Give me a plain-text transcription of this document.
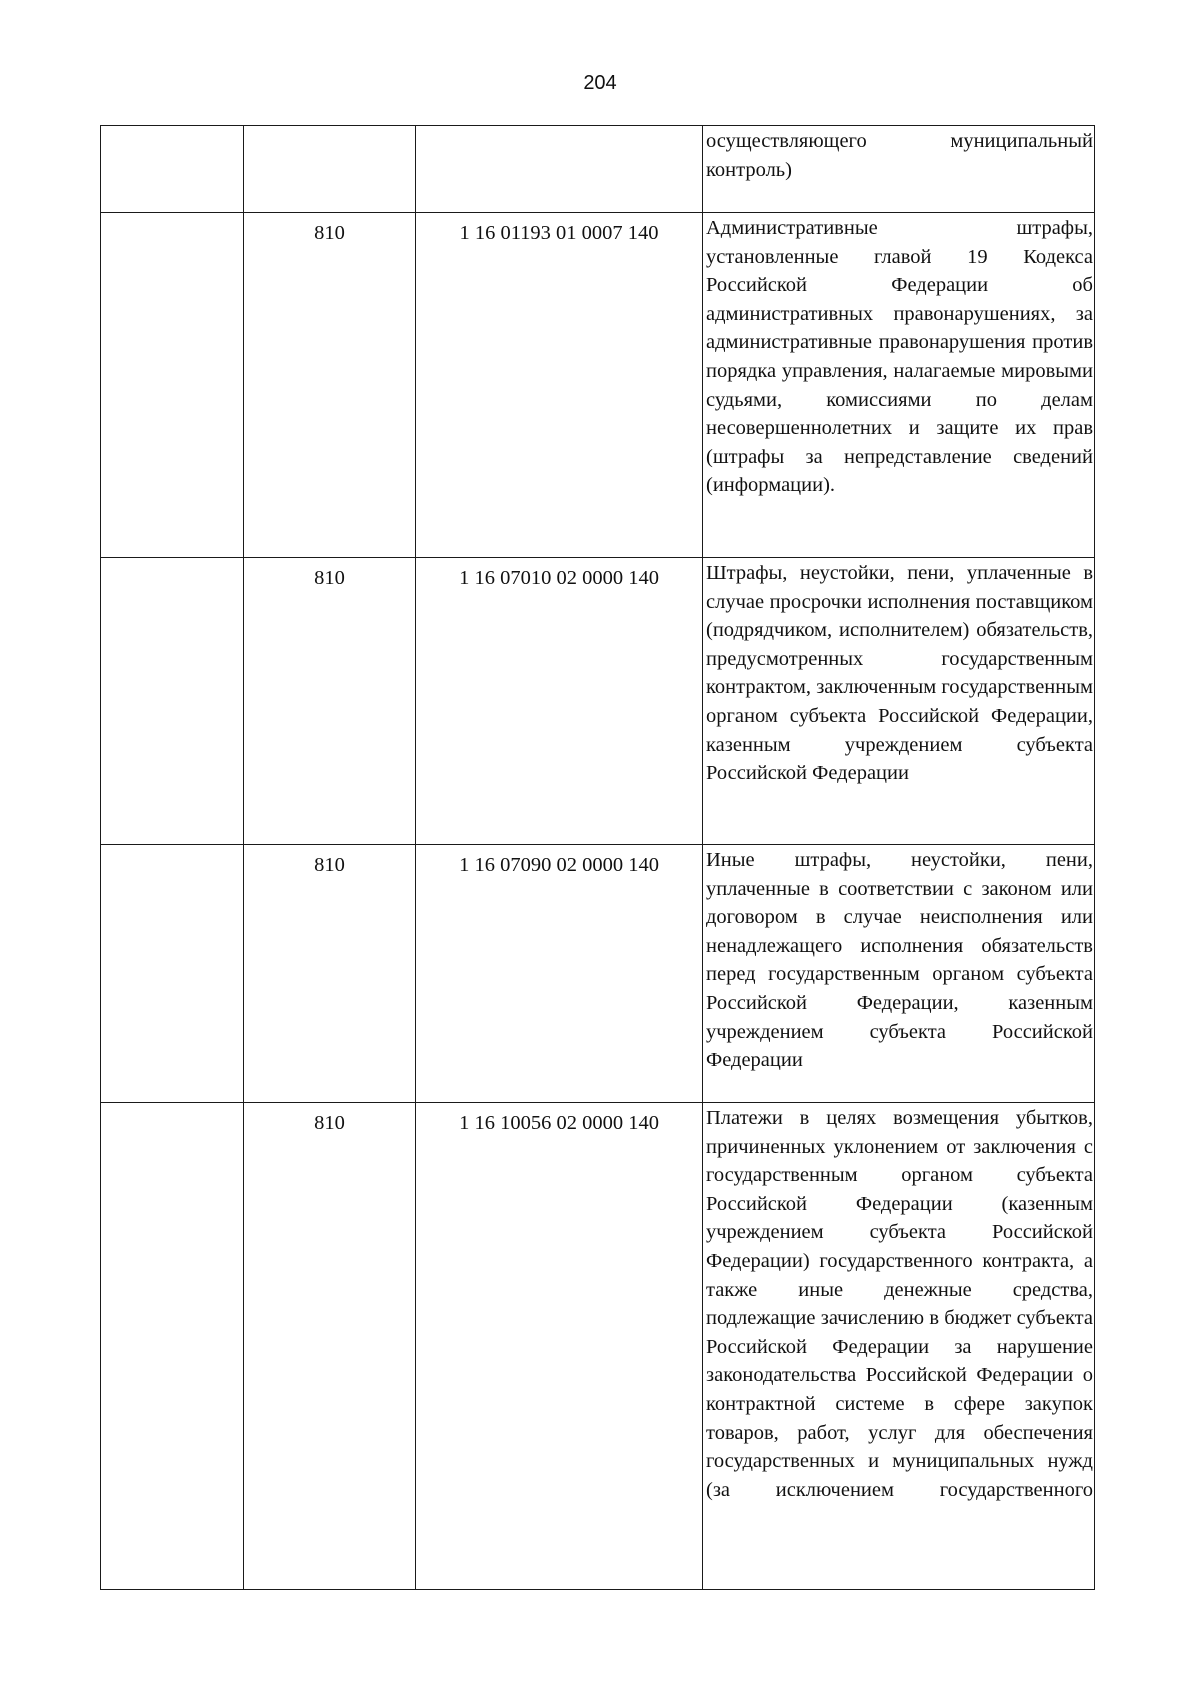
204

			осуществляющего муниципальный контроль)

	810	1 16 01193 01 0007 140	Административные штрафы, установленные главой 19 Кодекса Российской Федерации об административных правонарушениях, за административные правонарушения против порядка управления, налагаемые мировыми судьями, комиссиями по делам несовершеннолетних и защите их прав (штрафы за непредставление сведений (информации).

	810	1 16 07010 02 0000 140	Штрафы, неустойки, пени, уплаченные в случае просрочки исполнения поставщиком (подрядчиком, исполнителем) обязательств, предусмотренных государственным контрактом, заключенным государственным органом субъекта Российской Федерации, казенным учреждением субъекта Российской Федерации

	810	1 16 07090 02 0000 140	Иные штрафы, неустойки, пени, уплаченные в соответствии с законом или договором в случае неисполнения или ненадлежащего исполнения обязательств перед государственным органом субъекта Российской Федерации, казенным учреждением субъекта Российской Федерации

	810	1 16 10056 02 0000 140	Платежи в целях возмещения убытков, причиненных уклонением от заключения с государственным органом субъекта Российской Федерации (казенным учреждением субъекта Российской Федерации) государственного контракта, а также иные денежные средства, подлежащие зачислению в бюджет субъекта Российской Федерации за нарушение законодательства Российской Федерации о контрактной системе в сфере закупок товаров, работ, услуг для обеспечения государственных и муниципальных нужд (за исключением государственного
